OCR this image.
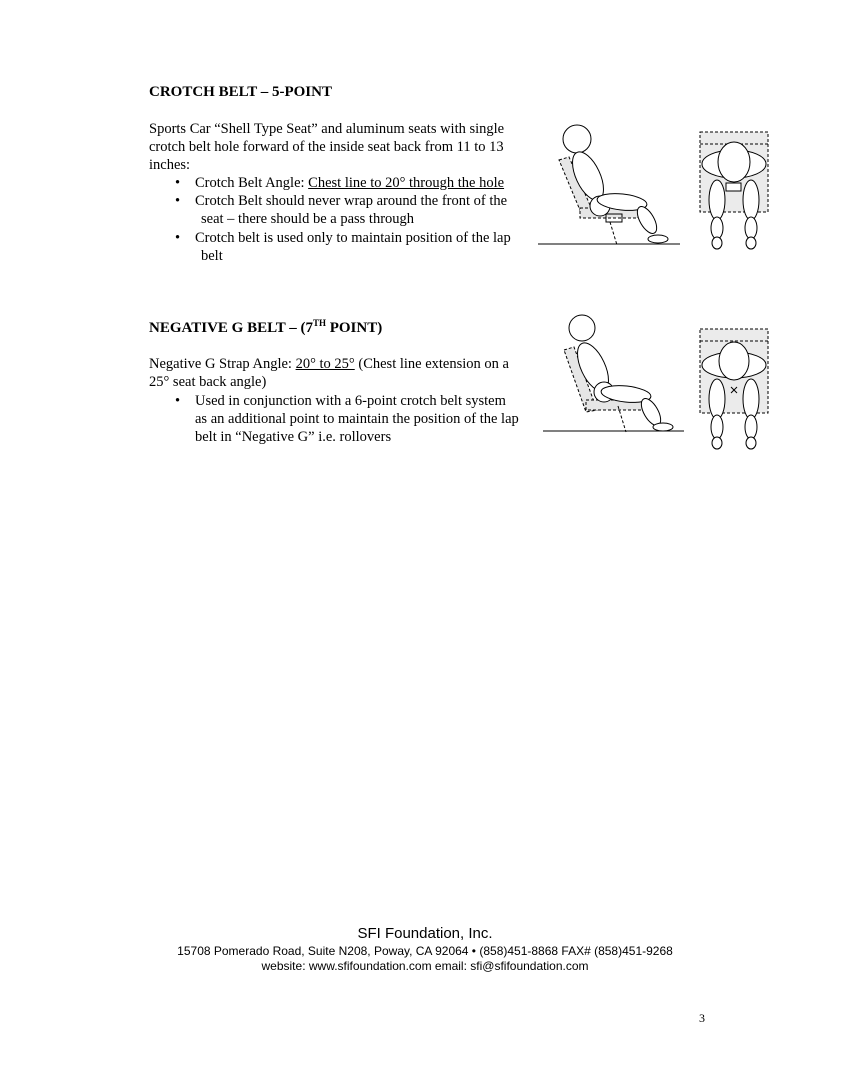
CROTCH BELT – 5-POINT
Sports Car “Shell Type Seat” and aluminum seats with single
crotch belt hole forward of the inside seat back from 11 to 13
inches:
• Crotch Belt Angle: Chest line to 20° through the hole
• Crotch Belt should never wrap around the front of the
seat – there should be a pass through
• Crotch belt is used only to maintain position of the lap
belt
NEGATIVE G BELT – (7TH POINT)
Negative G Strap Angle: 20° to 25° (Chest line extension on a
25° seat back angle)
• Used in conjunction with a 6-point crotch belt system
as an additional point to maintain the position of the lap
belt in “Negative G” i.e. rollovers
SFI Foundation, Inc.
15708 Pomerado Road, Suite N208, Poway, CA 92064 • (858)451-8868 FAX# (858)451-9268
website: www.sfifoundation.com email: sfi@sfifoundation.com
3
